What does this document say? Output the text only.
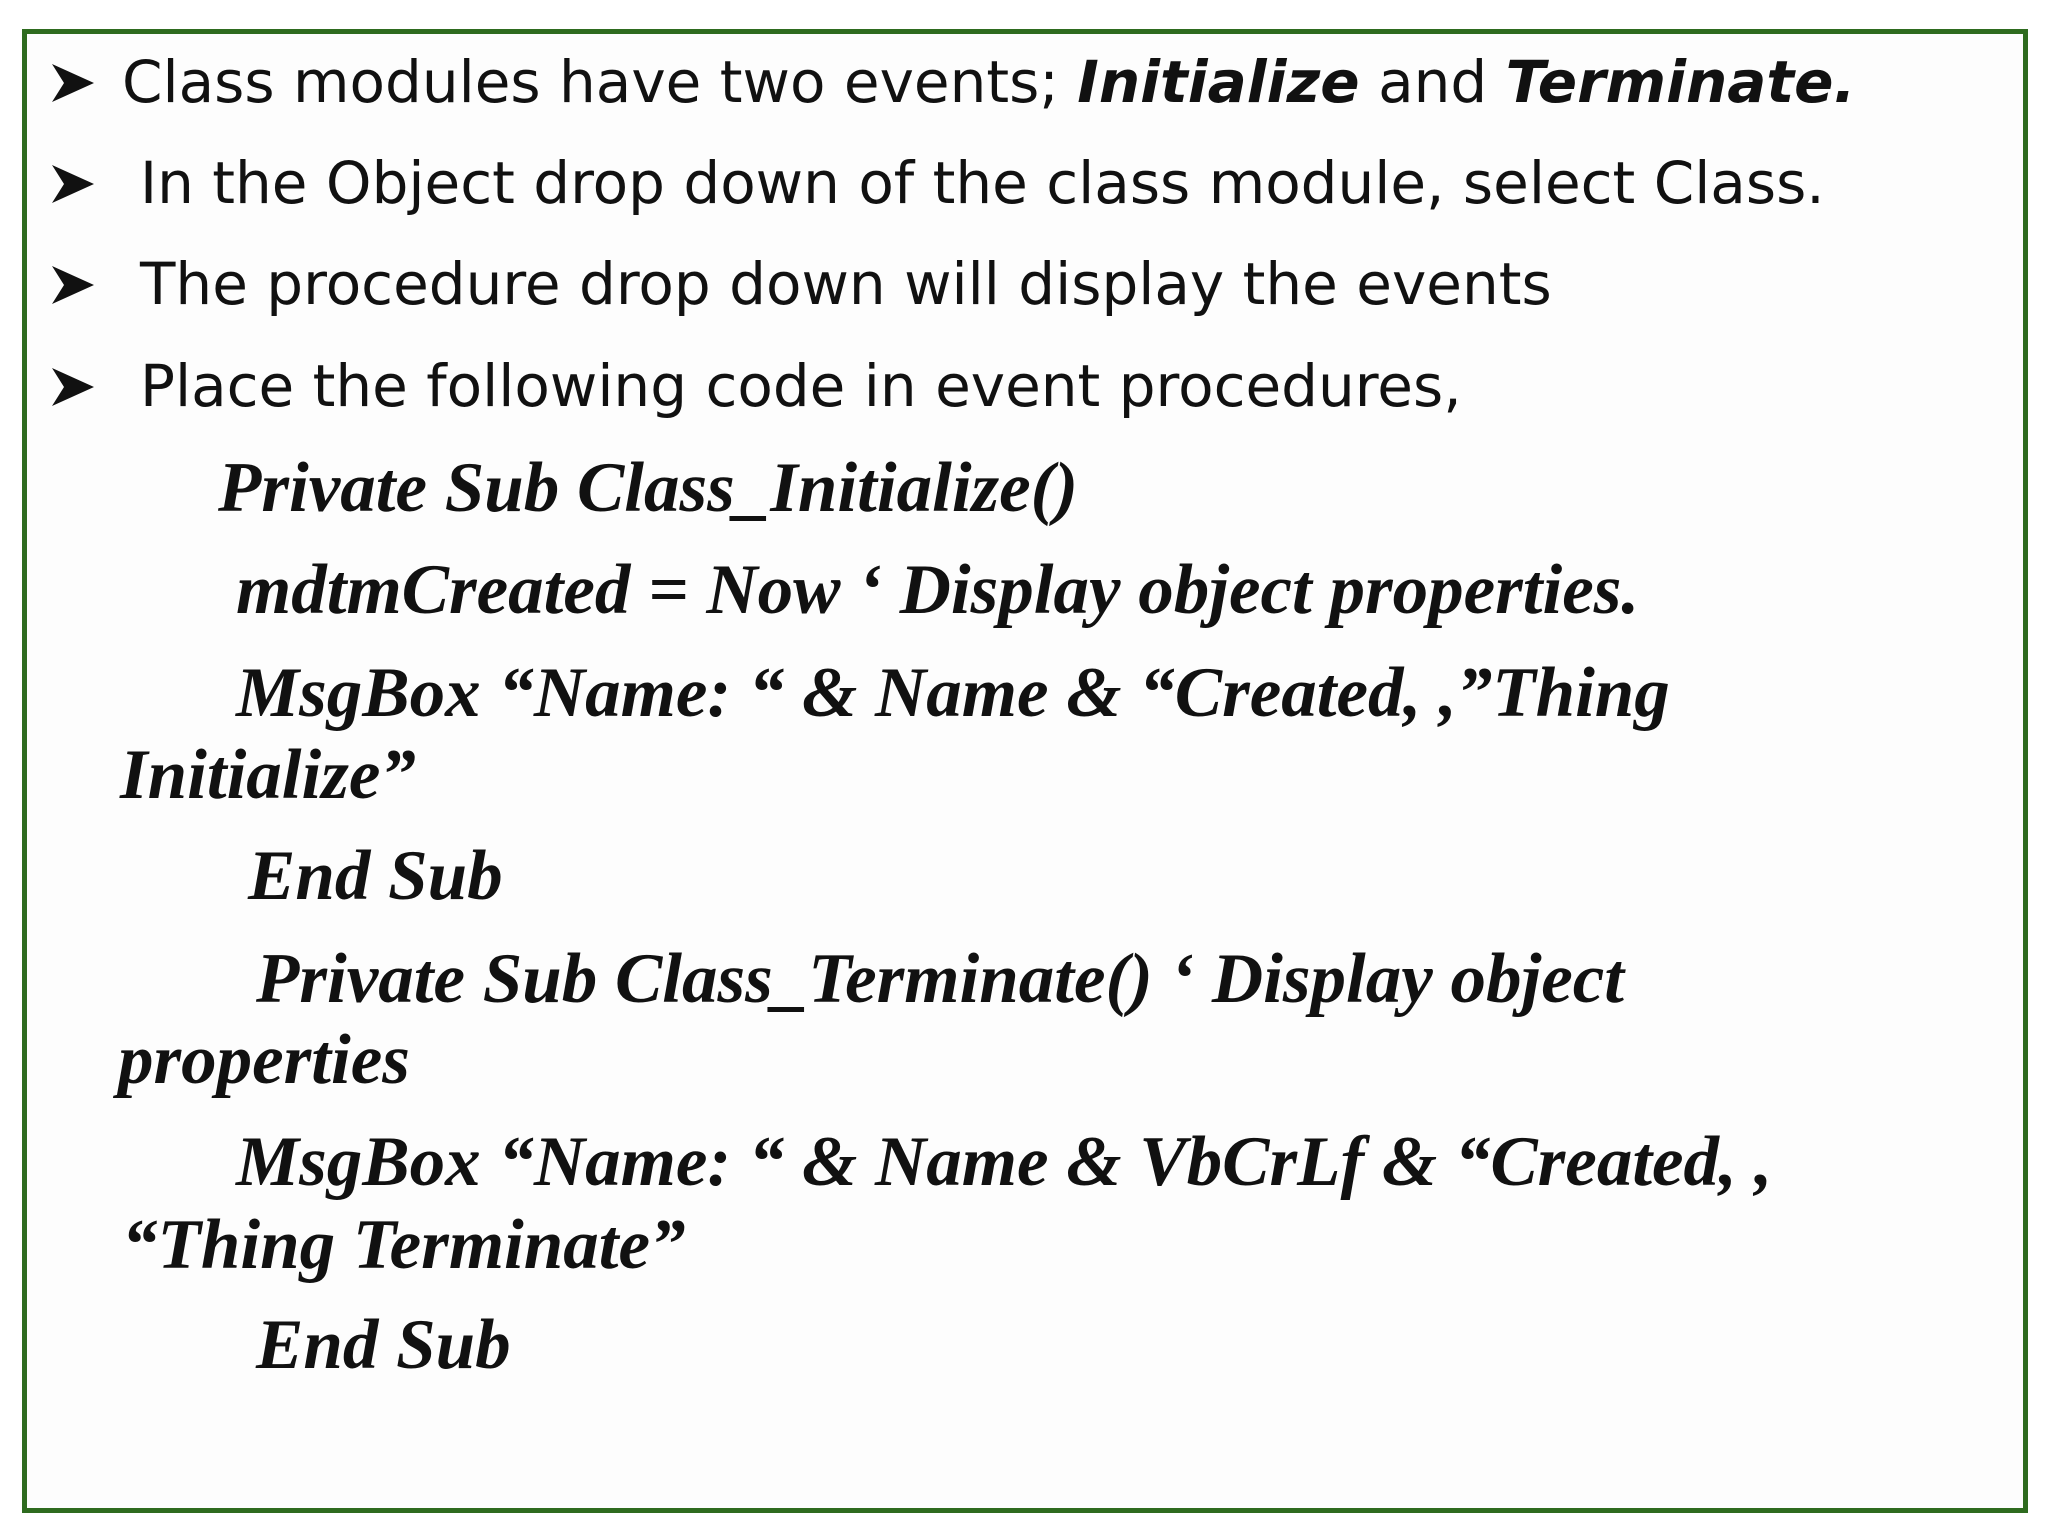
Class modules have two events; Initialize and Terminate.
In the Object drop down of the class module, select Class.
The procedure drop down will display the events
Place the following code in event procedures,
Private Sub Class_Initialize()
mdtmCreated = Now ‘ Display object properties.
MsgBox “Name: “ & Name & “Created, ,”Thing
Initialize”
End Sub
Private Sub Class_Terminate() ‘ Display object
properties
MsgBox “Name: “ & Name & VbCrLf & “Created, ,
“Thing Terminate”
End Sub
